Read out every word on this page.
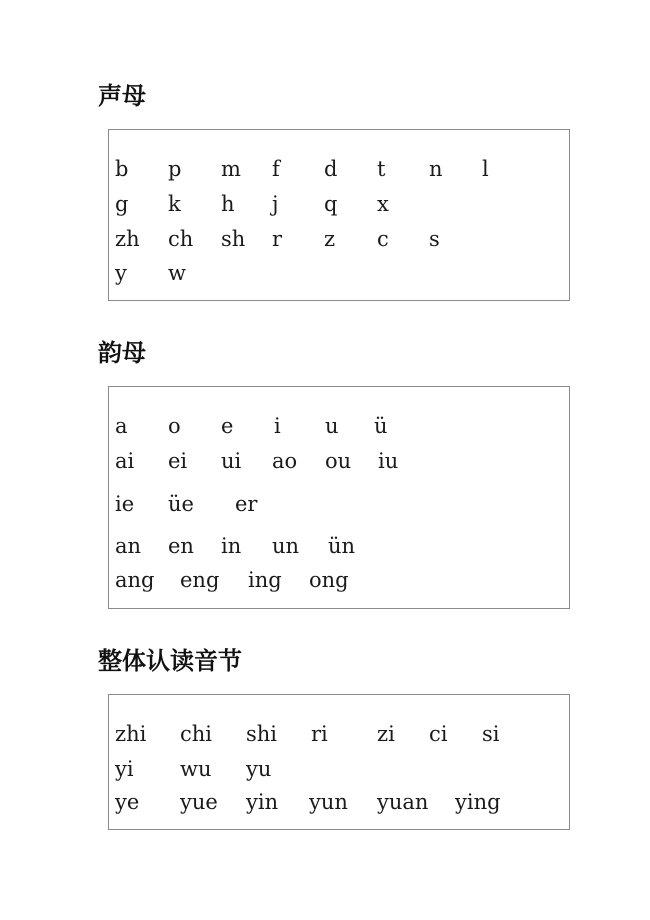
声母
b p m f d t n l
g k h j q x
zh ch sh r z c s
y w
韵母
a o e i u ü
ai ei ui ao ou iu
ie üe er
an en in un ün
ang eng ing ong
整体认读音节
zhi chi shi ri zi ci si
yi wu yu
ye yue yin yun yuan ying
